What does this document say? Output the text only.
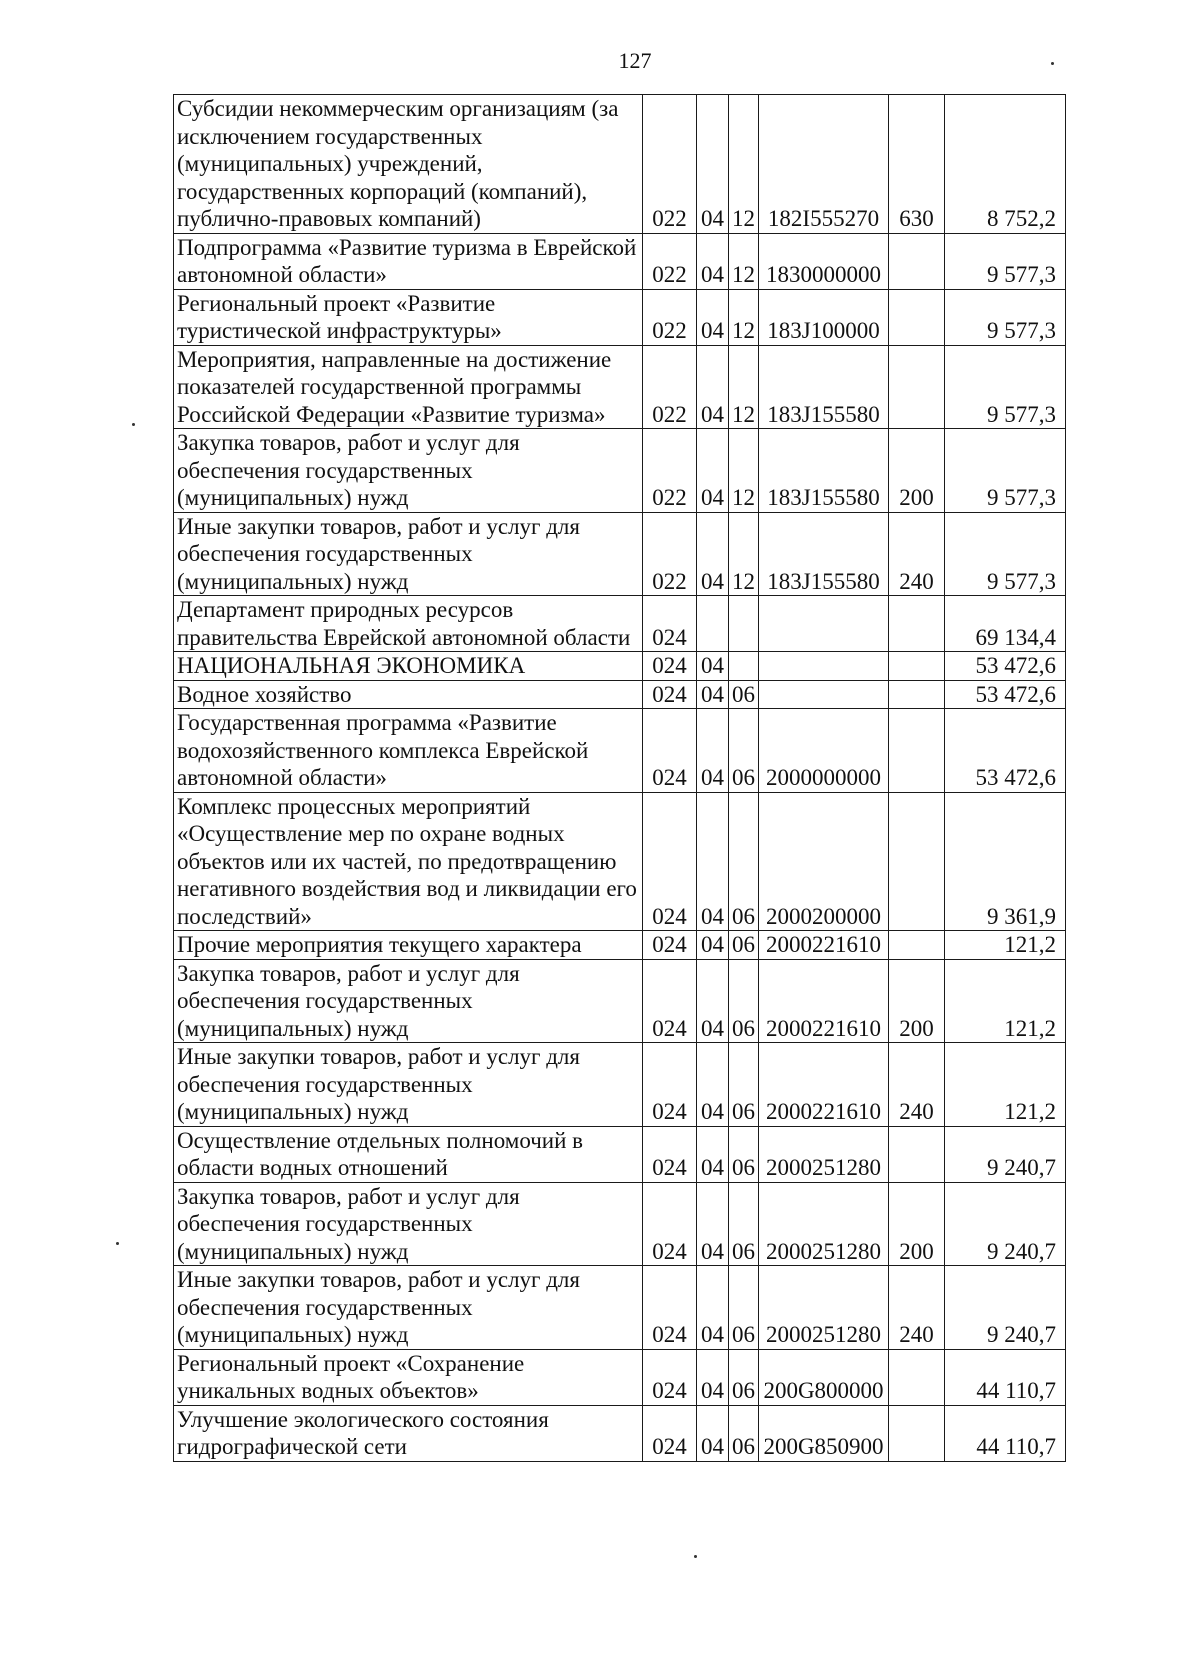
127
Субсидии некоммерческим организациям (за исключением государственных (муниципальных) учреждений, государственных корпораций (компаний), публично-правовых компаний)	022	04	12	182I555270	630	8 752,2
Подпрограмма «Развитие туризма в Еврейской автономной области»	022	04	12	1830000000		9 577,3
Региональный проект «Развитие туристической инфраструктуры»	022	04	12	183J100000		9 577,3
Мероприятия, направленные на достижение показателей государственной программы Российской Федерации «Развитие туризма»	022	04	12	183J155580		9 577,3
Закупка товаров, работ и услуг для обеспечения государственных (муниципальных) нужд	022	04	12	183J155580	200	9 577,3
Иные закупки товаров, работ и услуг для обеспечения государственных (муниципальных) нужд	022	04	12	183J155580	240	9 577,3
Департамент природных ресурсов правительства Еврейской автономной области	024					69 134,4
НАЦИОНАЛЬНАЯ ЭКОНОМИКА	024	04				53 472,6
Водное хозяйство	024	04	06			53 472,6
Государственная программа «Развитие водохозяйственного комплекса Еврейской автономной области»	024	04	06	2000000000		53 472,6
Комплекс процессных мероприятий «Осуществление мер по охране водных объектов или их частей, по предотвращению негативного воздействия вод и ликвидации его последствий»	024	04	06	2000200000		9 361,9
Прочие мероприятия текущего характера	024	04	06	2000221610		121,2
Закупка товаров, работ и услуг для обеспечения государственных (муниципальных) нужд	024	04	06	2000221610	200	121,2
Иные закупки товаров, работ и услуг для обеспечения государственных (муниципальных) нужд	024	04	06	2000221610	240	121,2
Осуществление отдельных полномочий в области водных отношений	024	04	06	2000251280		9 240,7
Закупка товаров, работ и услуг для обеспечения государственных (муниципальных) нужд	024	04	06	2000251280	200	9 240,7
Иные закупки товаров, работ и услуг для обеспечения государственных (муниципальных) нужд	024	04	06	2000251280	240	9 240,7
Региональный проект «Сохранение уникальных водных объектов»	024	04	06	200G800000		44 110,7
Улучшение экологического состояния гидрографической сети	024	04	06	200G850900		44 110,7
